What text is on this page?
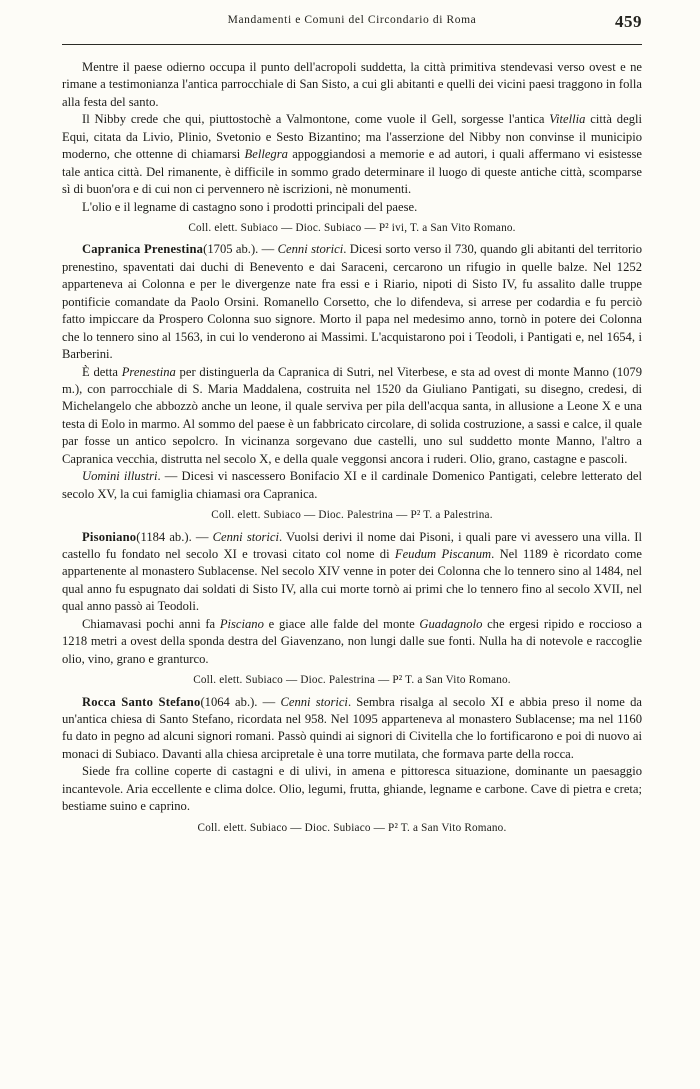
Mandamenti e Comuni del Circondario di Roma	459

Mentre il paese odierno occupa il punto dell'acropoli suddetta, la città primitiva stendevasi verso ovest e ne rimane a testimonianza l'antica parrocchiale di San Sisto, a cui gli abitanti e quelli dei vicini paesi traggono in folla alla festa del santo.

Il Nibby crede che qui, piuttostochè a Valmontone, come vuole il Gell, sorgesse l'antica Vitellia città degli Equi, citata da Livio, Plinio, Svetonio e Sesto Bizantino; ma l'asserzione del Nibby non convinse il municipio moderno, che ottenne di chiamarsi Bellegra appoggiandosi a memorie e ad autori, i quali affermano vi esistesse tale antica città. Del rimanente, è difficile in sommo grado determinare il luogo di queste antiche città, scomparse sì di buon'ora e di cui non ci pervennero nè iscrizioni, nè monumenti.

L'olio e il legname di castagno sono i prodotti principali del paese.

Coll. elett. Subiaco — Dioc. Subiaco — P² ivi, T. a San Vito Romano.

Capranica Prenestina(1705 ab.). — Cenni storici. Dicesi sorto verso il 730, quando gli abitanti del territorio prenestino, spaventati dai duchi di Benevento e dai Saraceni, cercarono un rifugio in quelle balze. Nel 1252 apparteneva ai Colonna e per le divergenze nate fra essi e i Riario, nipoti di Sisto IV, fu assalito dalle truppe pontificie comandate da Paolo Orsini. Romanello Corsetto, che lo difendeva, si arrese per codardia e fu perciò fatto impiccare da Prospero Colonna suo signore. Morto il papa nel medesimo anno, tornò in potere dei Colonna che lo tennero sino al 1563, in cui lo venderono ai Massimi. L'acquistarono poi i Teodoli, i Pantigati e, nel 1654, i Barberini.

È detta Prenestina per distinguerla da Capranica di Sutri, nel Viterbese, e sta ad ovest di monte Manno (1079 m.), con parrocchiale di S. Maria Maddalena, costruita nel 1520 da Giuliano Pantigati, su disegno, credesi, di Michelangelo che abbozzò anche un leone, il quale serviva per pila dell'acqua santa, in allusione a Leone X e una testa di Eolo in marmo. Al sommo del paese è un fabbricato circolare, di solida costruzione, a sassi e calce, il quale par fosse un antico sepolcro. In vicinanza sorgevano due castelli, uno sul suddetto monte Manno, l'altro a Capranica vecchia, distrutta nel secolo X, e della quale veggonsi ancora i ruderi. Olio, grano, castagne e pascoli.

Uomini illustri. — Dicesi vi nascessero Bonifacio XI e il cardinale Domenico Pantigati, celebre letterato del secolo XV, la cui famiglia chiamasi ora Capranica.

Coll. elett. Subiaco — Dioc. Palestrina — P² T. a Palestrina.

Pisoniano(1184 ab.). — Cenni storici. Vuolsi derivi il nome dai Pisoni, i quali pare vi avessero una villa. Il castello fu fondato nel secolo XI e trovasi citato col nome di Feudum Piscanum. Nel 1189 è ricordato come appartenente al monastero Sublacense. Nel secolo XIV venne in poter dei Colonna che lo tennero sino al 1484, nel qual anno fu espugnato dai soldati di Sisto IV, alla cui morte tornò ai primi che lo tennero fino al secolo XVII, nel qual anno passò ai Teodoli.

Chiamavasi pochi anni fa Pisciano e giace alle falde del monte Guadagnolo che ergesi ripido e roccioso a 1218 metri a ovest della sponda destra del Giavenzano, non lungi dalle sue fonti. Nulla ha di notevole e raccoglie olio, vino, grano e granturco.

Coll. elett. Subiaco — Dioc. Palestrina — P² T. a San Vito Romano.

Rocca Santo Stefano(1064 ab.). — Cenni storici. Sembra risalga al secolo XI e abbia preso il nome da un'antica chiesa di Santo Stefano, ricordata nel 958. Nel 1095 apparteneva al monastero Sublacense; ma nel 1160 fu dato in pegno ad alcuni signori romani. Passò quindi ai signori di Civitella che lo fortificarono e poi di nuovo ai monaci di Subiaco. Davanti alla chiesa arcipretale è una torre mutilata, che formava parte della rocca.

Siede fra colline coperte di castagni e di ulivi, in amena e pittoresca situazione, dominante un paesaggio incantevole. Aria eccellente e clima dolce. Olio, legumi, frutta, ghiande, legname e carbone. Cave di pietra e creta; bestiame suino e caprino.

Coll. elett. Subiaco — Dioc. Subiaco — P² T. a San Vito Romano.
